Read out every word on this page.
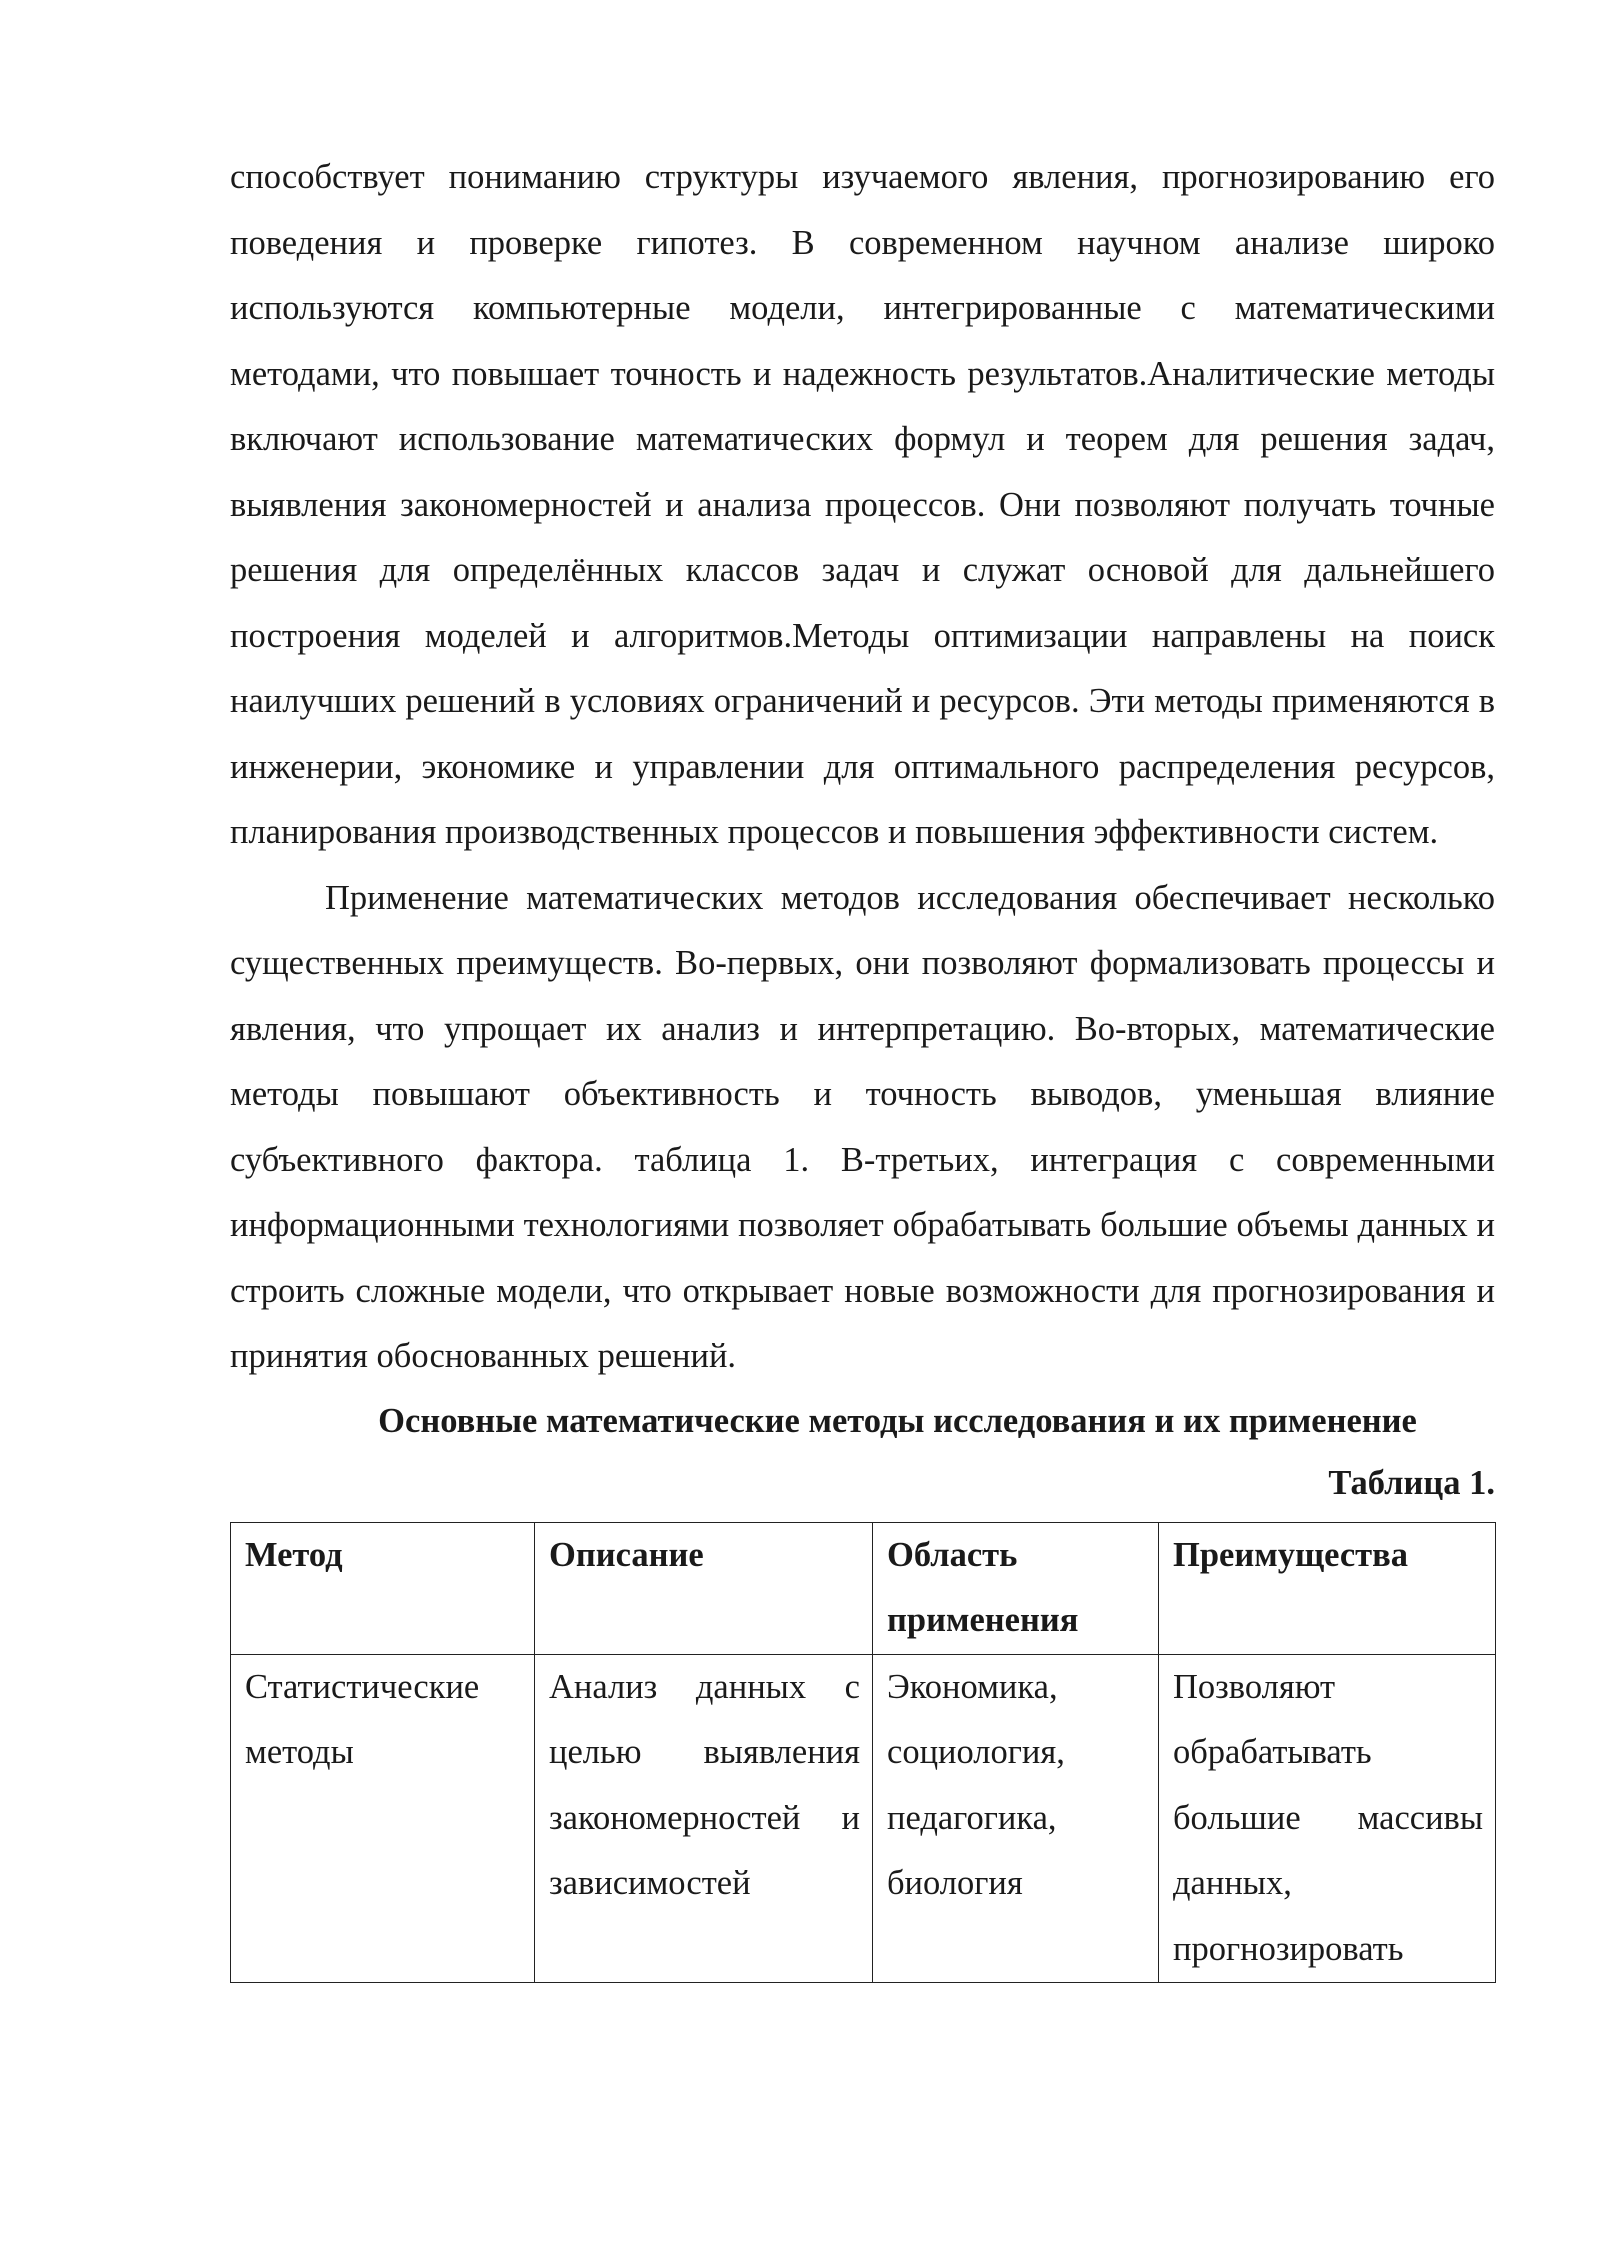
способствует пониманию структуры изучаемого явления, прогнозированию его поведения и проверке гипотез. В современном научном анализе широко используются компьютерные модели, интегрированные с математическими методами, что повышает точность и надежность результатов.Аналитические методы включают использование математических формул и теорем для решения задач, выявления закономерностей и анализа процессов. Они позволяют получать точные решения для определённых классов задач и служат основой для дальнейшего построения моделей и алгоритмов.Методы оптимизации направлены на поиск наилучших решений в условиях ограничений и ресурсов. Эти методы применяются в инженерии, экономике и управлении для оптимального распределения ресурсов, планирования производственных процессов и повышения эффективности систем.

Применение математических методов исследования обеспечивает несколько существенных преимуществ. Во-первых, они позволяют формализовать процессы и явления, что упрощает их анализ и интерпретацию. Во-вторых, математические методы повышают объективность и точность выводов, уменьшая влияние субъективного фактора. таблица 1. В-третьих, интеграция с современными информационными технологиями позволяет обрабатывать большие объемы данных и строить сложные модели, что открывает новые возможности для прогнозирования и принятия обоснованных решений.

Основные математические методы исследования и их применение

Таблица 1.

Метод	Описание	Область применения	Преимущества
Статистические методы	Анализ данных с целью выявления закономерностей и зависимостей	Экономика, социология, педагогика, биология	Позволяют обрабатывать большие массивы данных, прогнозировать
